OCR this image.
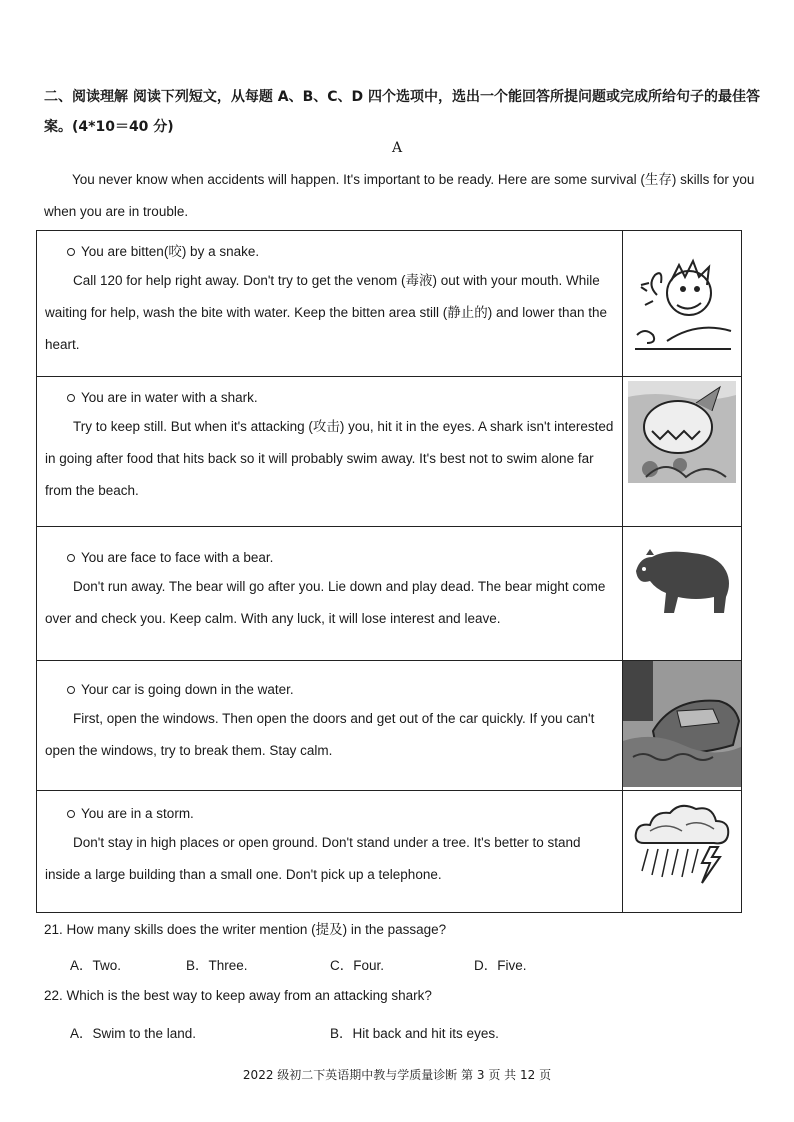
二、阅读理解 阅读下列短文，从每题 A、B、C、D 四个选项中，选出一个能回答所提问题或完成所给句子的最佳答案。(4*10＝40 分)
A
You never know when accidents will happen. It's important to be ready. Here are some survival (生存) skills for you
when you are in trouble.
You are bitten(咬) by a snake.
Call 120 for help right away. Don't try to get the venom (毒液) out with your mouth. While waiting for help, wash the bite with water. Keep the bitten area still (静止的) and lower than the heart.

You are in water with a shark.
Try to keep still. But when it's attacking (攻击) you, hit it in the eyes. A shark isn't interested in going after food that hits back so it will probably swim away. It's best not to swim alone far from the beach.

You are face to face with a bear.
Don't run away. The bear will go after you. Lie down and play dead. The bear might come over and check you. Keep calm. With any luck, it will lose interest and leave.

Your car is going down in the water.
First, open the windows. Then open the doors and get out of the car quickly. If you can't open the windows, try to break them. Stay calm.

You are in a storm.
Don't stay in high places or open ground. Don't stand under a tree. It's better to stand inside a large building than a small one. Don't pick up a telephone.

21. How many skills does the writer mention (提及) in the passage?
A．Two.	B．Three.	C．Four.	D．Five.
22. Which is the best way to keep away from an attacking shark?
A．Swim to the land.	B．Hit back and hit its eyes.
2022 级初二下英语期中教与学质量诊断 第 3 页 共 12 页
